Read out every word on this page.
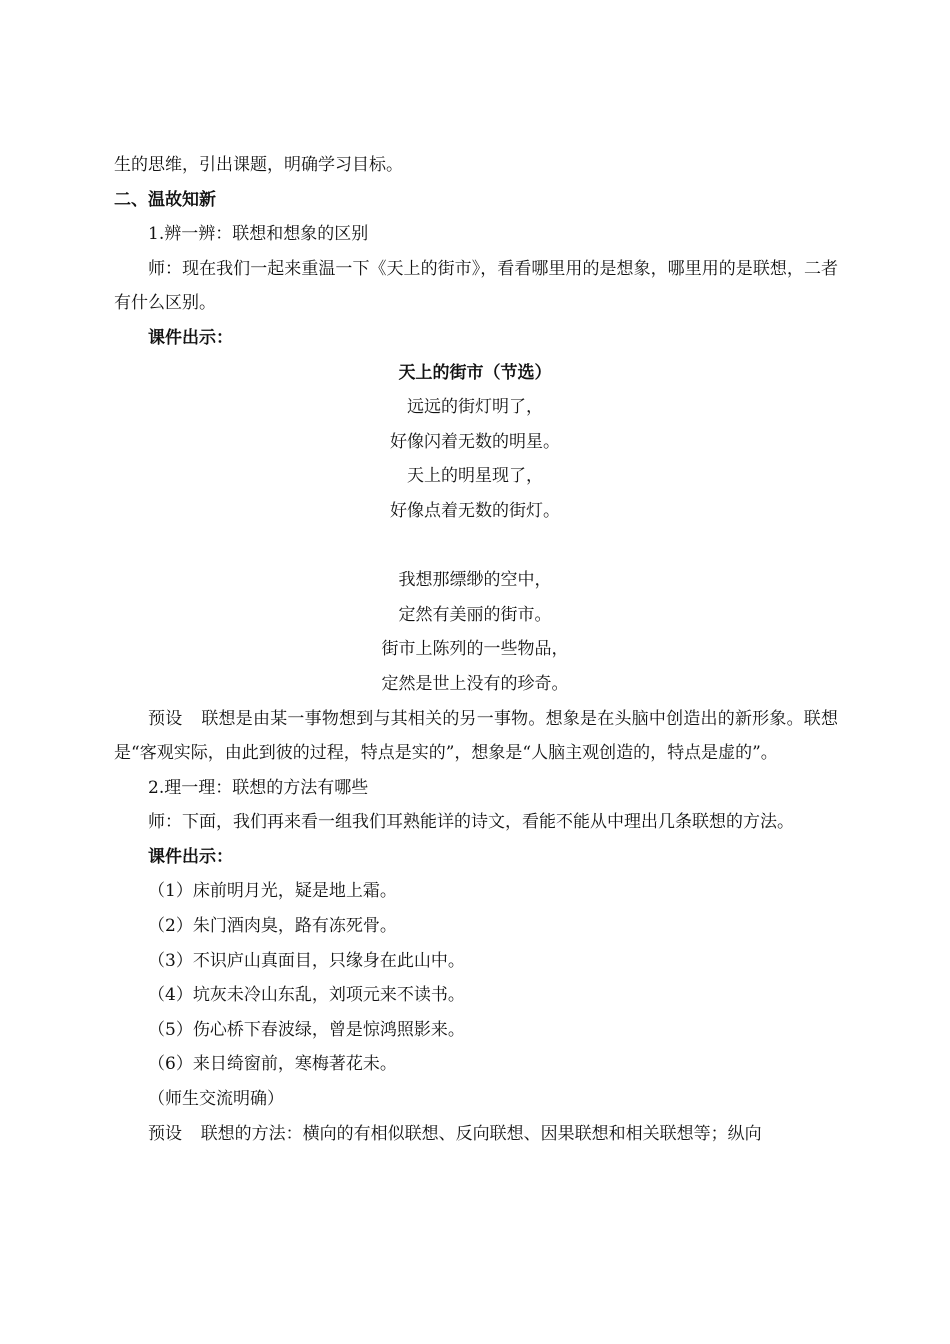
生的思维，引出课题，明确学习目标。

二、温故知新

1.辨一辨：联想和想象的区别

师：现在我们一起来重温一下《天上的街市》，看看哪里用的是想象，哪里用的是联想，二者有什么区别。

课件出示：

天上的街市（节选）

远远的街灯明了，

好像闪着无数的明星。

天上的明星现了，

好像点着无数的街灯。

我想那缥缈的空中，

定然有美丽的街市。

街市上陈列的一些物品，

定然是世上没有的珍奇。

预设 联想是由某一事物想到与其相关的另一事物。想象是在头脑中创造出的新形象。联想是“客观实际，由此到彼的过程，特点是实的”，想象是“人脑主观创造的，特点是虚的”。

2.理一理：联想的方法有哪些

师：下面，我们再来看一组我们耳熟能详的诗文，看能不能从中理出几条联想的方法。

课件出示：

（1）床前明月光，疑是地上霜。

（2）朱门酒肉臭，路有冻死骨。

（3）不识庐山真面目，只缘身在此山中。

（4）坑灰未冷山东乱，刘项元来不读书。

（5）伤心桥下春波绿，曾是惊鸿照影来。

（6）来日绮窗前，寒梅著花未。

（师生交流明确）

预设 联想的方法：横向的有相似联想、反向联想、因果联想和相关联想等；纵向
